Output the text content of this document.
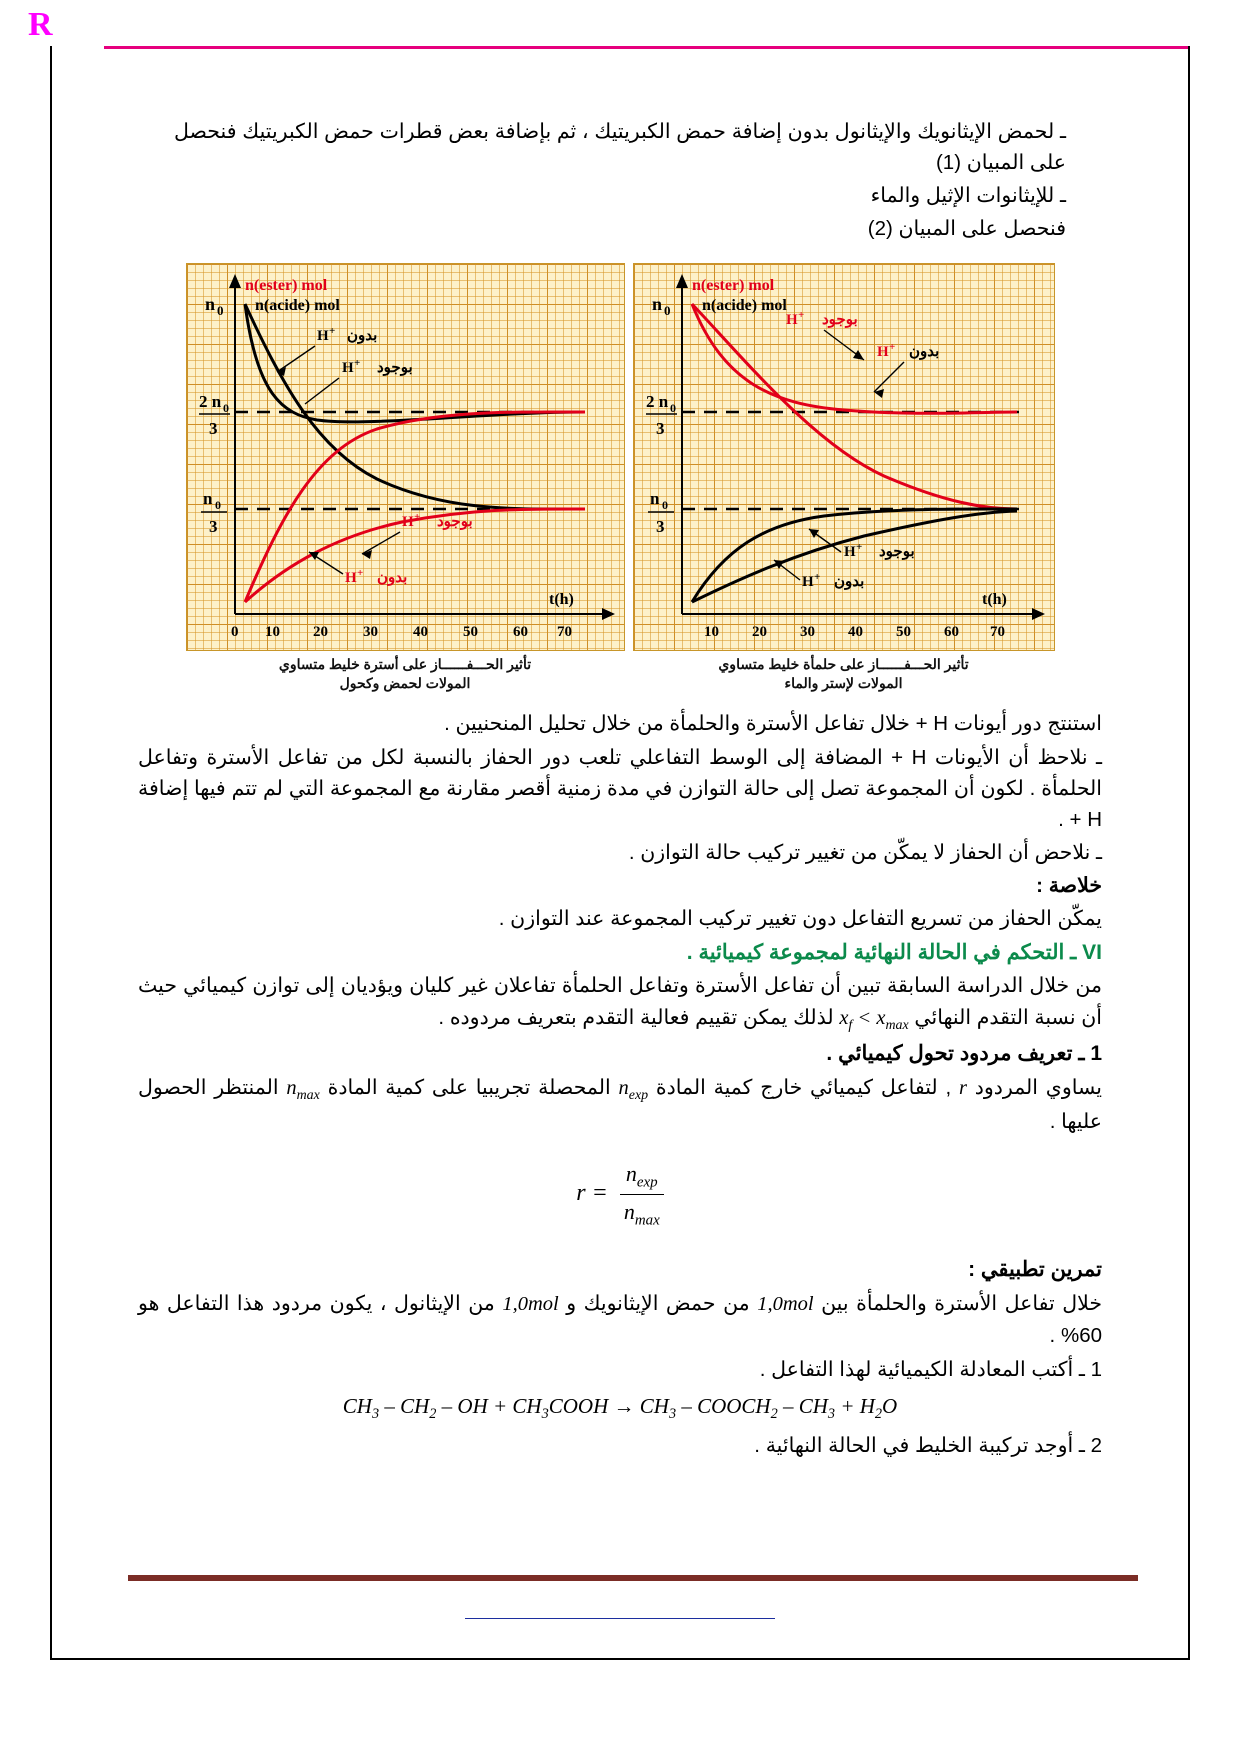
R

ـ لحمض الإيثانويك والإيثانول بدون إضافة حمض الكبريتيك ، ثم بإضافة بعض قطرات حمض الكبريتيك فنحصل على المبيان (1)

ـ للإيثانوات الإثيل والماء

فنحصل على المبيان (2)

n 0
2 n 0
3
n 0
3
n(ester) mol
n(acide) mol
بدون
H +
بوجود
H +
بوجود
H +
بدون
H +
0 10 20 30 40 50 60 70
t(h)
تأثير الحـــفــــــاز على أسترة خليط متساوي
المولات لحمض وكحول
n 0
2 n 0
3
n 0
3
n(ester) mol
n(acide) mol
بوجود
H +
بدون
H +
بوجود
H +
بدون
H +
10 20 30 40 50 60 70
t(h)
تأثير الحـــفــــــاز على حلمأة خليط متساوي
المولات لإستر والماء

استنتج دور أيونات H + خلال تفاعل الأسترة والحلمأة من خلال تحليل المنحنيين .

ـ نلاحظ أن الأيونات H + المضافة إلى الوسط التفاعلي تلعب دور الحفاز بالنسبة لكل من تفاعل الأسترة وتفاعل الحلمأة . لكون أن المجموعة تصل إلى حالة التوازن في مدة زمنية أقصر مقارنة مع المجموعة التي لم تتم فيها إضافة H + .

ـ نلاحض أن الحفاز لا يمكّن من تغيير تركيب حالة التوازن .

خلاصة :

يمكّن الحفاز من تسريع التفاعل دون تغيير تركيب المجموعة عند التوازن .

VI ـ التحكم في الحالة النهائية لمجموعة كيميائية .

من خلال الدراسة السابقة تبين أن تفاعل الأسترة وتفاعل الحلمأة تفاعلان غير كليان ويؤديان إلى توازن كيميائي حيث أن نسبة التقدم النهائي $x_f < x_{max}$ لذلك يمكن تقييم فعالية التقدم بتعريف مردوده .

1 ـ تعريف مردود تحول كيميائي .

يساوي المردود r , لتفاعل كيميائي خارج كمية المادة $n_{exp}$ المحصلة تجريبيا على كمية المادة $n_{max}$ المنتظر الحصول عليها .

$r = \frac{n_{exp}}{n_{max}}$

تمرين تطبيقي :

خلال تفاعل الأسترة والحلمأة بين 1,0mol من حمض الإيثانويك و 1,0mol من الإيثانول ، يكون مردود هذا التفاعل هو 60% .

1 ـ أكتب المعادلة الكيميائية لهذا التفاعل .

$CH_3 - CH_2$ – OH + $CH_3COOH \to CH_3$ – $COOCH_2 - CH_3 + H_2O$

2 ـ أوجد تركيبة الخليط في الحالة النهائية .
